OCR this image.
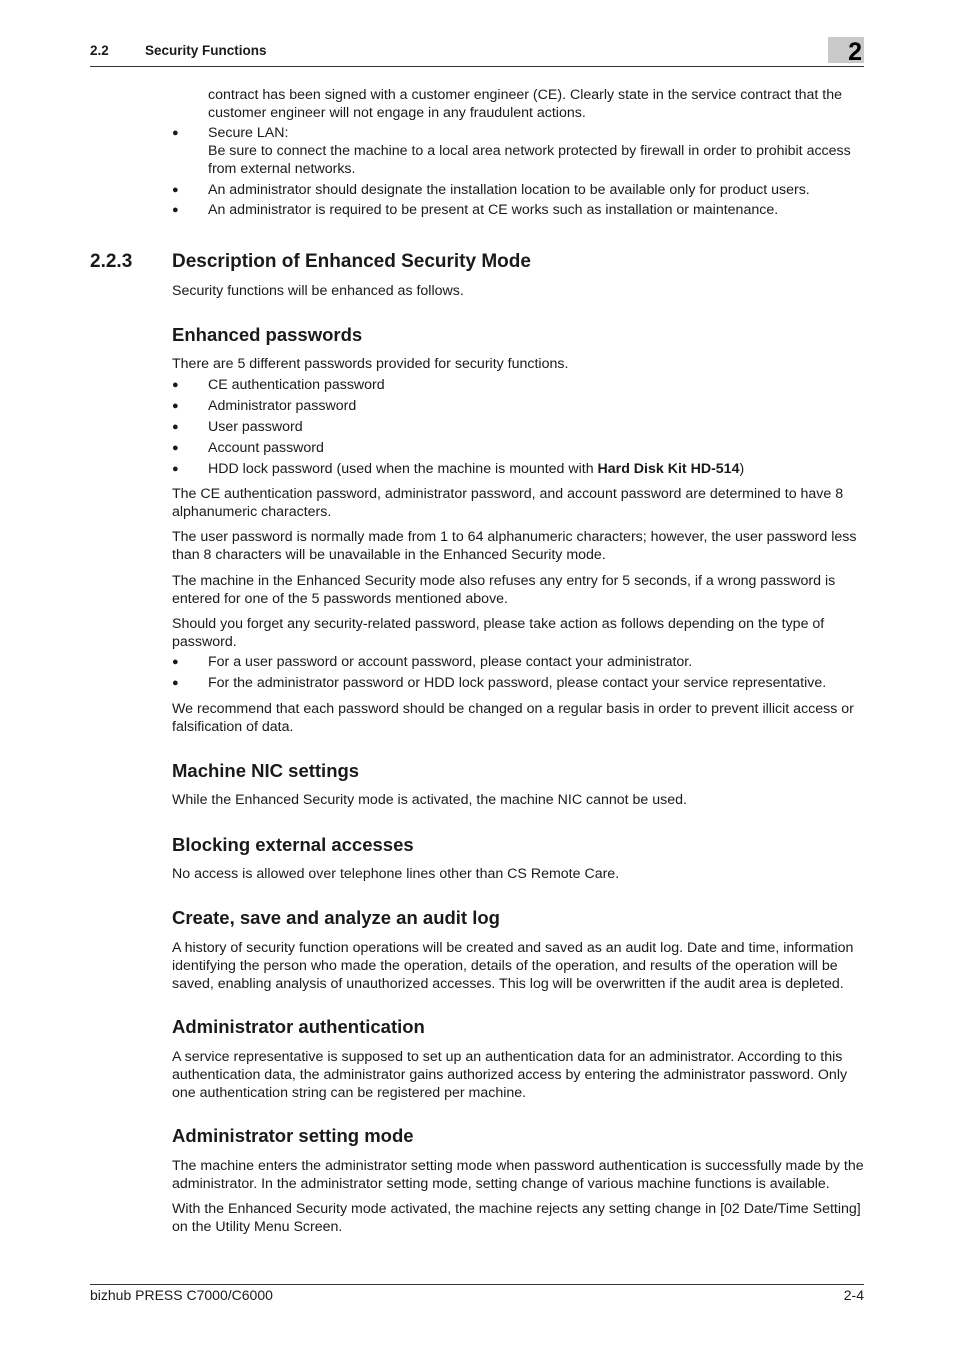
2.2	Security Functions	2
contract has been signed with a customer engineer (CE). Clearly state in the service contract that the customer engineer will not engage in any fraudulent actions.
● Secure LAN:
Be sure to connect the machine to a local area network protected by firewall in order to prohibit access from external networks.
● An administrator should designate the installation location to be available only for product users.
● An administrator is required to be present at CE works such as installation or maintenance.
2.2.3 Description of Enhanced Security Mode
Security functions will be enhanced as follows.
Enhanced passwords
There are 5 different passwords provided for security functions.
● CE authentication password
● Administrator password
● User password
● Account password
● HDD lock password (used when the machine is mounted with Hard Disk Kit HD-514)
The CE authentication password, administrator password, and account password are determined to have 8 alphanumeric characters.
The user password is normally made from 1 to 64 alphanumeric characters; however, the user password less than 8 characters will be unavailable in the Enhanced Security mode.
The machine in the Enhanced Security mode also refuses any entry for 5 seconds, if a wrong password is entered for one of the 5 passwords mentioned above.
Should you forget any security-related password, please take action as follows depending on the type of password.
● For a user password or account password, please contact your administrator.
● For the administrator password or HDD lock password, please contact your service representative.
We recommend that each password should be changed on a regular basis in order to prevent illicit access or falsification of data.
Machine NIC settings
While the Enhanced Security mode is activated, the machine NIC cannot be used.
Blocking external accesses
No access is allowed over telephone lines other than CS Remote Care.
Create, save and analyze an audit log
A history of security function operations will be created and saved as an audit log. Date and time, information identifying the person who made the operation, details of the operation, and results of the operation will be saved, enabling analysis of unauthorized accesses. This log will be overwritten if the audit area is depleted.
Administrator authentication
A service representative is supposed to set up an authentication data for an administrator. According to this authentication data, the administrator gains authorized access by entering the administrator password. Only one authentication string can be registered per machine.
Administrator setting mode
The machine enters the administrator setting mode when password authentication is successfully made by the administrator. In the administrator setting mode, setting change of various machine functions is available.
With the Enhanced Security mode activated, the machine rejects any setting change in [02 Date/Time Setting] on the Utility Menu Screen.
bizhub PRESS C7000/C6000	2-4
